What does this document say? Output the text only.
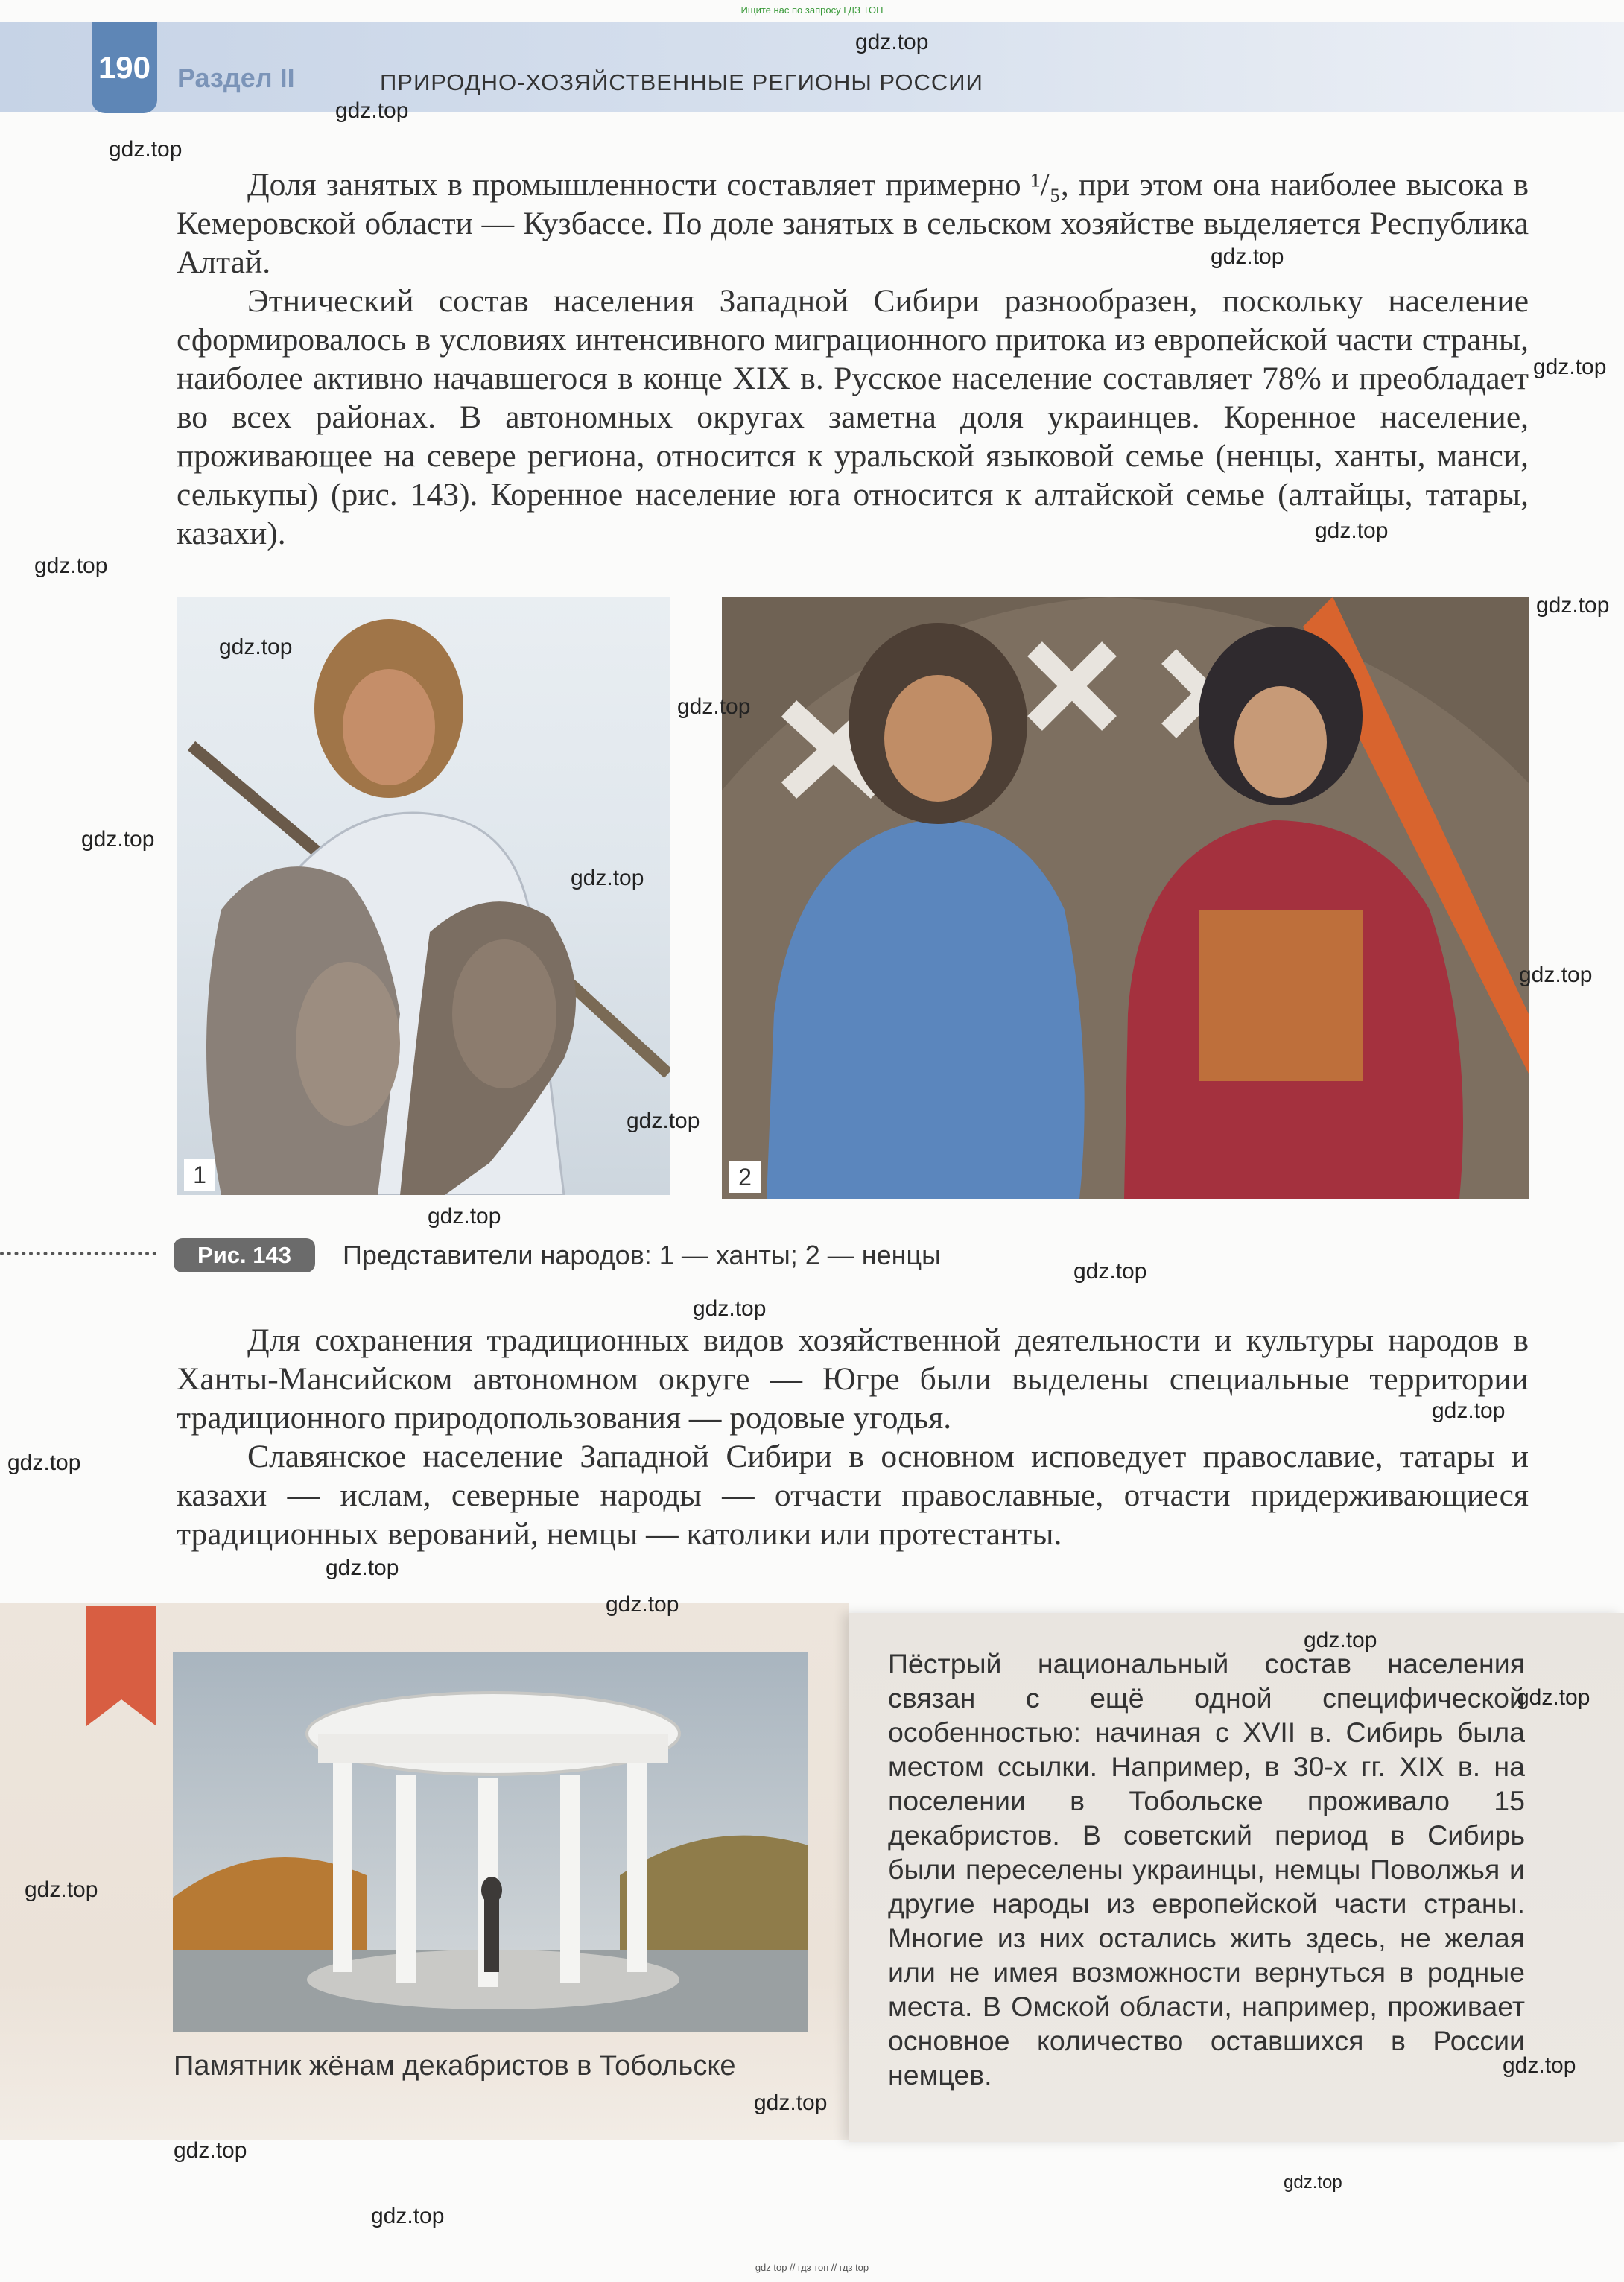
Ищите нас по запросу ГДЗ ТОП
190 Раздел II	ПРИРОДНО-ХОЗЯЙСТВЕННЫЕ РЕГИОНЫ РОССИИ

Доля занятых в промышленности составляет примерно ¹/₅, при этом она наиболее высока в Кемеровской области — Кузбассе. По доле занятых в сельском хозяйстве выделяется Республика Алтай.

Этнический состав населения Западной Сибири разнообразен, поскольку население сформировалось в условиях интенсивного миграционного притока из европейской части страны, наиболее активно начавшегося в конце XIX в. Русское население составляет 78% и преобладает во всех районах. В автономных округах заметна доля украинцев. Коренное население, проживающее на севере региона, относится к уральской языковой семье (ненцы, ханты, манси, селькупы) (рис. 143). Коренное население юга относится к алтайской семье (алтайцы, татары, казахи).

1	2
Рис. 143	Представители народов: 1 — ханты; 2 — ненцы

Для сохранения традиционных видов хозяйственной деятельности и культуры народов в Ханты-Мансийском автономном округе — Югре были выделены специальные территории традиционного природопользования — родовые угодья.

Славянское население Западной Сибири в основном исповедует православие, татары и казахи — ислам, северные народы — отчасти православные, отчасти придерживающиеся традиционных верований, немцы — католики или протестанты.

Памятник жёнам декабристов в Тобольске
Пёстрый национальный состав населения связан с ещё одной специфической особенностью: начиная с XVII в. Сибирь была местом ссылки. Например, в 30-х гг. XIX в. на поселении в Тобольске проживало 15 декабристов. В советский период в Сибирь были переселены украинцы, немцы Поволжья и другие народы из европейской части страны. Многие из них остались жить здесь, не желая или не имея возможности вернуться в родные места. В Омской области, например, проживает основное количество оставшихся в России немцев.
gdz.top
gdz.top
gdz.top
gdz.top
gdz.top
gdz.top
gdz.top
gdz.top
gdz.top
gdz.top
gdz.top
gdz.top
gdz.top
gdz.top
gdz.top
gdz.top
gdz.top
gdz.top
gdz.top
gdz.top
gdz.top
gdz.top
gdz.top
gdz.top
gdz.top
gdz.top
gdz.top
gdz.top
gdz.top
gdz top // гдз топ // гдз top
